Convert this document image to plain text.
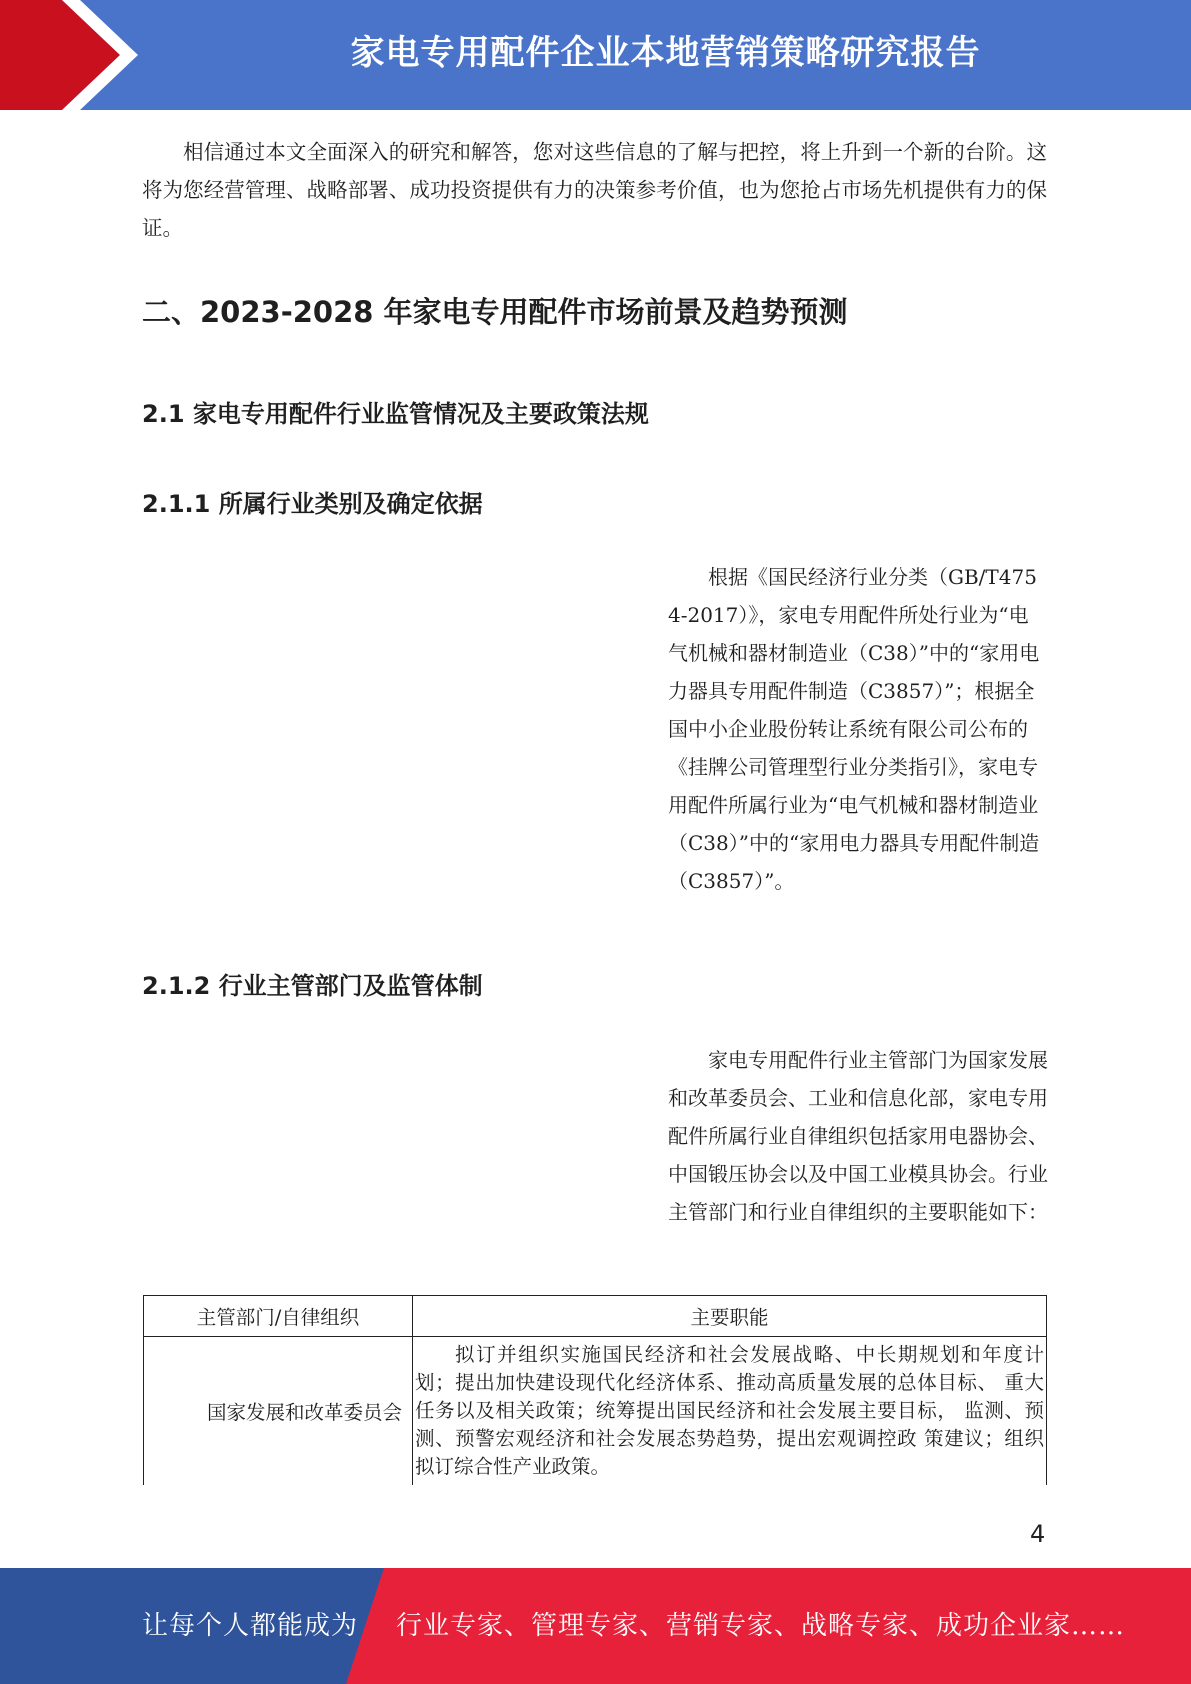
家电专用配件企业本地营销策略研究报告

相信通过本文全面深入的研究和解答，您对这些信息的了解与把控，将上升到一个新的台阶。这将为您经营管理、战略部署、成功投资提供有力的决策参考价值，也为您抢占市场先机提供有力的保证。

二、2023-2028 年家电专用配件市场前景及趋势预测
2.1 家电专用配件行业监管情况及主要政策法规
2.1.1 所属行业类别及确定依据

根据《国民经济行业分类（GB/T4754-2017）》，家电专用配件所处行业为“电气机械和器材制造业（C38）”中的“家用电力器具专用配件制造（C3857）”；根据全国中小企业股份转让系统有限公司公布的《挂牌公司管理型行业分类指引》，家电专用配件所属行业为“电气机械和器材制造业（C38）”中的“家用电力器具专用配件制造（C3857）”。

2.1.2 行业主管部门及监管体制

家电专用配件行业主管部门为国家发展和改革委员会、工业和信息化部，家电专用配件所属行业自律组织包括家用电器协会、中国锻压协会以及中国工业模具协会。行业主管部门和行业自律组织的主要职能如下：

主管部门/自律组织	主要职能
国家发展和改革委员会	拟订并组织实施国民经济和社会发展战略、中长期规划和年度计 划；提出加快建设现代化经济体系、推动高质量发展的总体目标、 重大任务以及相关政策；统筹提出国民经济和社会发展主要目标， 监测、预测、预警宏观经济和社会发展态势趋势，提出宏观调控政 策建议；组织拟订综合性产业政策。
4
让每个人都能成为 行业专家、管理专家、营销专家、战略专家、成功企业家……
